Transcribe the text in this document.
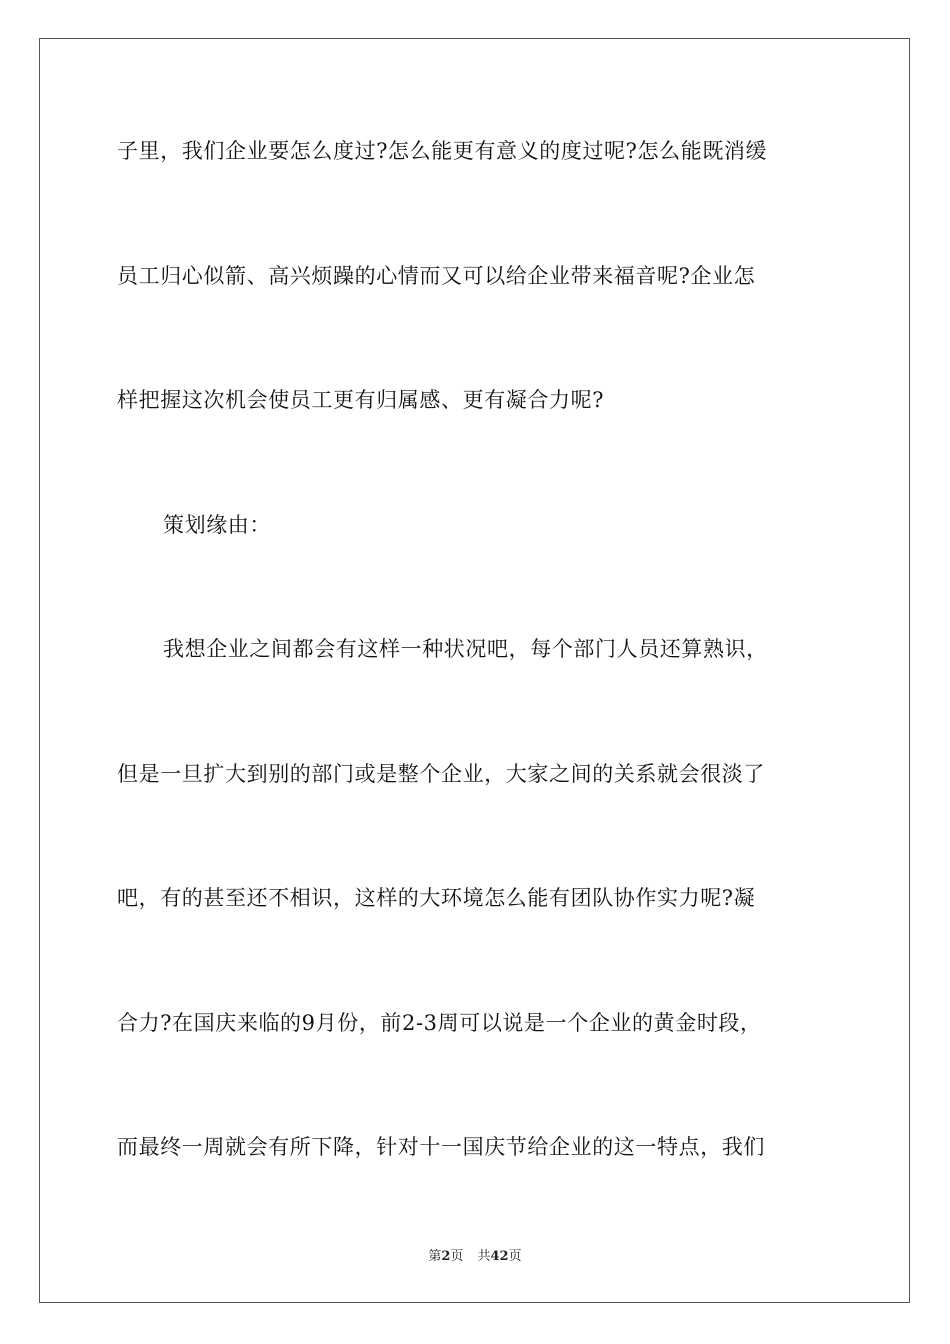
子里，我们企业要怎么度过?怎么能更有意义的度过呢?怎么能既消缓
员工归心似箭、高兴烦躁的心情而又可以给企业带来福音呢?企业怎
样把握这次机会使员工更有归属感、更有凝合力呢?
策划缘由：
我想企业之间都会有这样一种状况吧，每个部门人员还算熟识，
但是一旦扩大到别的部门或是整个企业，大家之间的关系就会很淡了
吧，有的甚至还不相识，这样的大环境怎么能有团队协作实力呢?凝
合力?在国庆来临的9月份，前2-3周可以说是一个企业的黄金时段，
而最终一周就会有所下降，针对十一国庆节给企业的这一特点，我们
第2页 共42页
